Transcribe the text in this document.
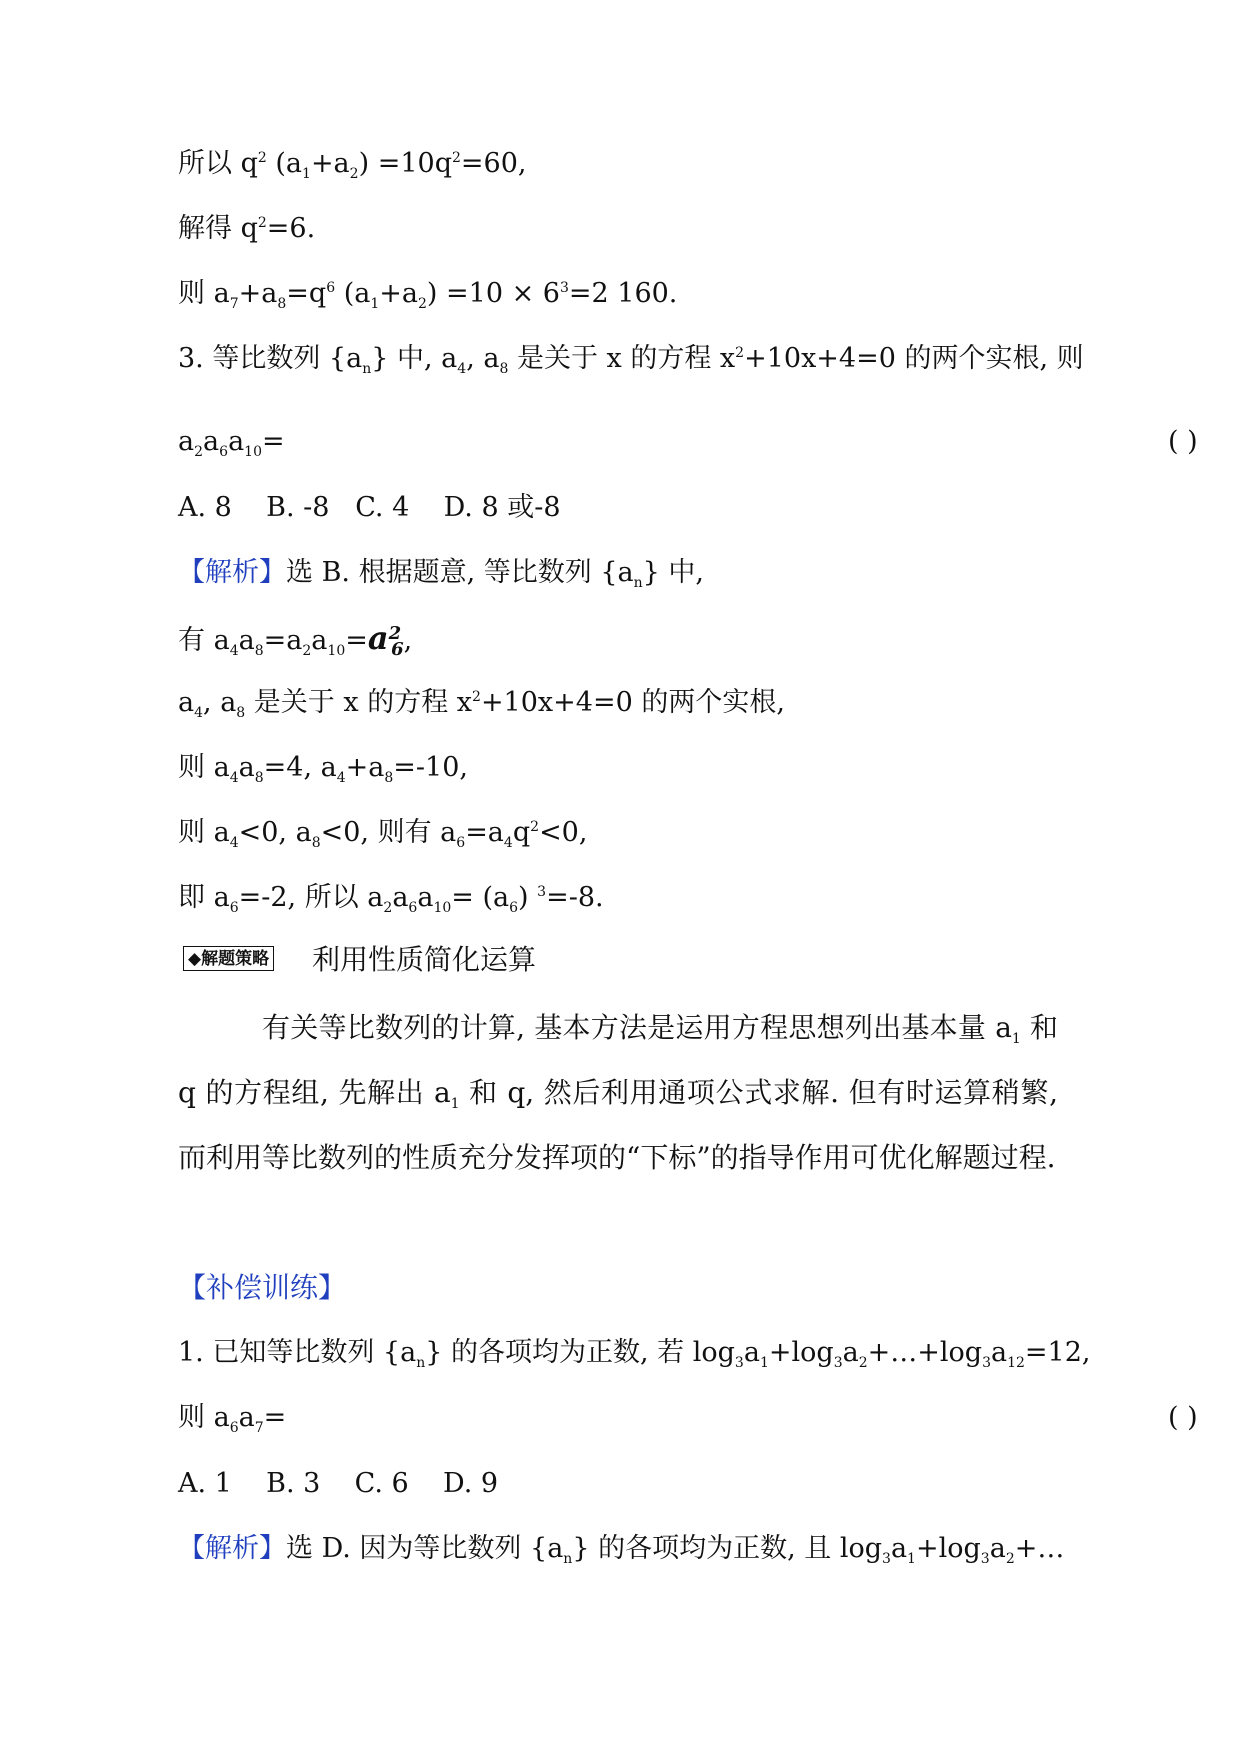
所以 $q^2$ $(a_1+a_2) =10q^2=60$,
解得 $q^2=6$.
则 $a_7+a_8=q^6$ $(a_1+a_2) =10 \times 6^3=2$ 160.
3. 等比数列 $\{a_n\}$ 中, $a_4$, $a_8$ 是关于 x 的方程 $x^2+10x+4=0$ 的两个实根, 则
$a_2a_6a_{10}=$	( )
A. 8    B. -8   C. 4    D. 8 或-8
【解析】选 B. 根据题意, 等比数列 $\{a_n\}$ 中,
有 $a_4a_8=a_2a_{10}=a^2_6$,
$a_4$, $a_8$ 是关于 x 的方程 $x^2+10x+4=0$ 的两个实根,
则 $a_4a_8=4$, $a_4+a_8=-10$,
则 $a_4<0$, $a_8<0$, 则有 $a_6=a_4q^2<0$,
即 $a_6=-2$, 所以 $a_2a_6a_{10}= (a_6)$ $^3$=-8.
◆解题策略 利用性质简化运算
有关等比数列的计算, 基本方法是运用方程思想列出基本量 $a_1$ 和 q 的方程组, 先解出 $a_1$ 和 q, 然后利用通项公式求解. 但有时运算稍繁, 而利用等比数列的性质充分发挥项的“下标”的指导作用可优化解题过程.
【补偿训练】
1. 已知等比数列 $\{a_n\}$ 的各项均为正数, 若 $\log_3a_1+\log_3a_2+\dots+\log_3a_{12}=12$,
则 $a_6a_7=$	( )
A. 1    B. 3    C. 6    D. 9
【解析】选 D. 因为等比数列 $\{a_n\}$ 的各项均为正数, 且 $\log_3a_1+\log_3a_2+\dots$
